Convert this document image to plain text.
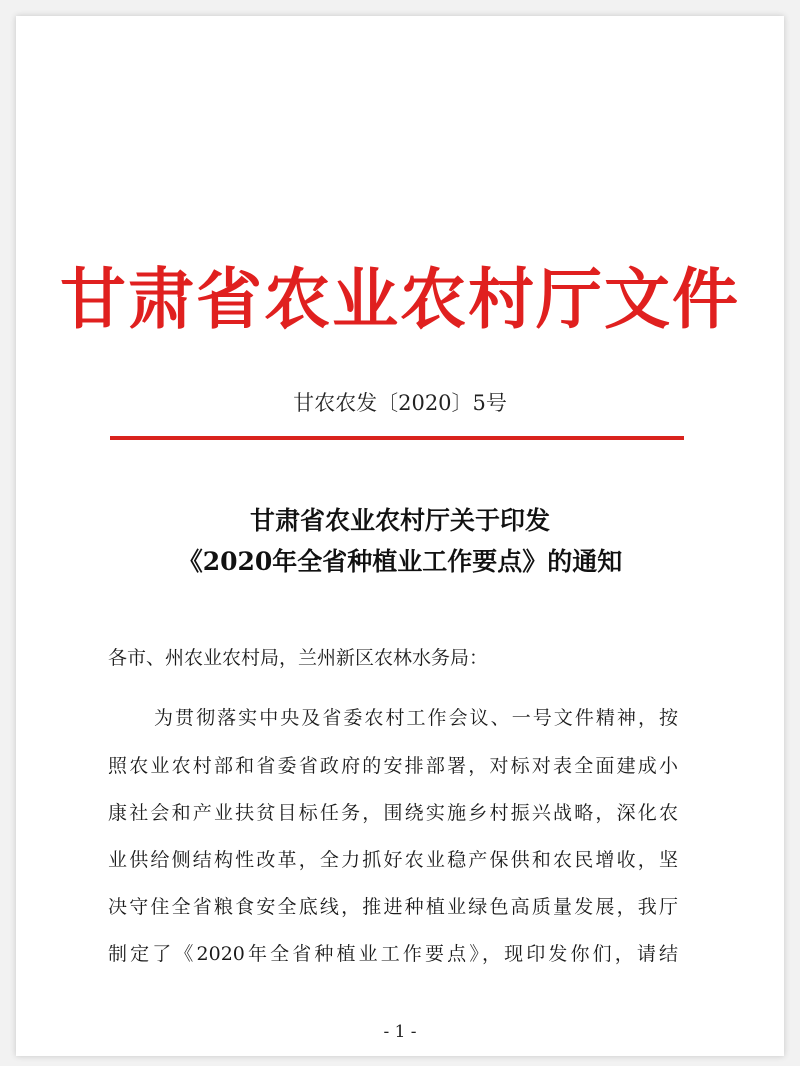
甘肃省农业农村厅文件
甘农农发〔2020〕5号
甘肃省农业农村厅关于印发
《2020年全省种植业工作要点》的通知
各市、州农业农村局，兰州新区农林水务局：
为贯彻落实中央及省委农村工作会议、一号文件精神，按
照农业农村部和省委省政府的安排部署，对标对表全面建成小
康社会和产业扶贫目标任务，围绕实施乡村振兴战略，深化农
业供给侧结构性改革，全力抓好农业稳产保供和农民增收，坚
决守住全省粮食安全底线，推进种植业绿色高质量发展，我厅
制定了《2020年全省种植业工作要点》，现印发你们，请结
- 1 -
